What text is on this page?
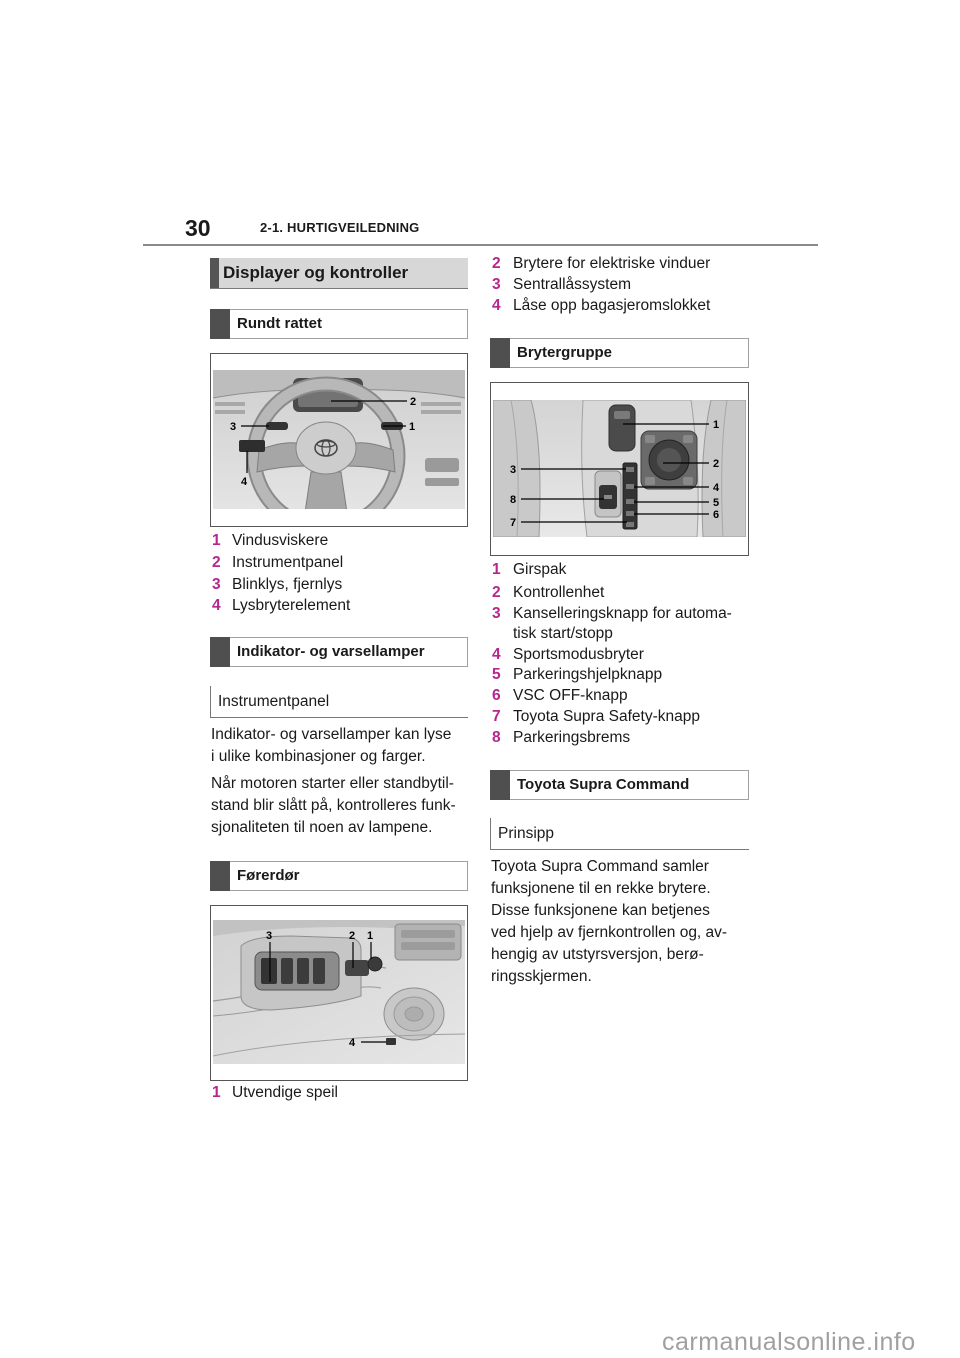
30	2-1. HURTIGVEILEDNING
Displayer og kontroller
Rundt rattet
2
3	1
4
1 Vindusviskere
2 Instrumentpanel
3 Blinklys, fjernlys
4 Lysbryterelement
Indikator- og varsellamper
Instrumentpanel
Indikator- og varsellamper kan lyse
i ulike kombinasjoner og farger.
Når motoren starter eller standbytil-
stand blir slått på, kontrolleres funk-
sjonaliteten til noen av lampene.
Førerdør
3	2 1
4
1 Utvendige speil
2 Brytere for elektriske vinduer
3 Sentrallåssystem
4 Låse opp bagasjeromslokket
Brytergruppe
1
2
3
4
8	5
7
6
1 Girspak
2 Kontrollenhet
3 Kanselleringsknapp for automa-
tisk start/stopp
4 Sportsmodusbryter
5 Parkeringshjelpknapp
6 VSC OFF-knapp
7 Toyota Supra Safety-knapp
8 Parkeringsbrems
Toyota Supra Command
Prinsipp
Toyota Supra Command samler
funksjonene til en rekke brytere.
Disse funksjonene kan betjenes
ved hjelp av fjernkontrollen og, av-
hengig av utstyrsversjon, berø-
ringsskjermen.
carmanualsonline.info
